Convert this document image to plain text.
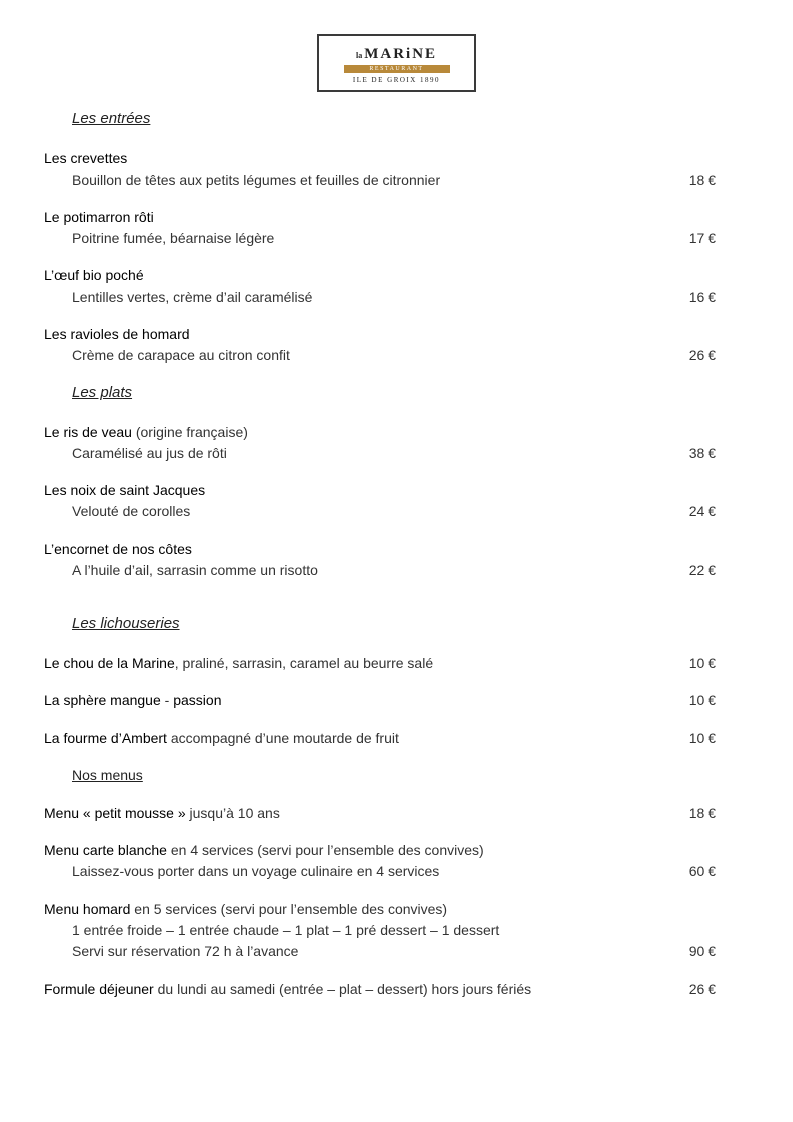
la MARiNE
RESTAURANT
ILE DE GROIX 1890
Les entrées
Les crevettes
Bouillon de têtes aux petits légumes et feuilles de citronnier	18 €
Le potimarron rôti
Poitrine fumée, béarnaise légère	17 €
L’œuf bio poché
Lentilles vertes, crème d’ail caramélisé	16 €
Les ravioles de homard
Crème de carapace au citron confit	26 €
Les plats
Le ris de veau (origine française)
Caramélisé au jus de rôti	38 €
Les noix de saint Jacques
Velouté de corolles	24 €
L’encornet de nos côtes
A l’huile d’ail, sarrasin comme un risotto	22 €
Les lichouseries
Le chou de la Marine, praliné, sarrasin, caramel au beurre salé	10 €
La sphère mangue - passion	10 €
La fourme d’Ambert accompagné d’une moutarde de fruit	10 €
Nos menus
Menu « petit mousse » jusqu’à 10 ans	18 €
Menu carte blanche en 4 services (servi pour l’ensemble des convives)
Laissez-vous porter dans un voyage culinaire en 4 services	60 €
Menu homard en 5 services (servi pour l’ensemble des convives)
1 entrée froide – 1 entrée chaude – 1 plat – 1 pré dessert – 1 dessert
Servi sur réservation 72 h à l’avance	90 €
Formule déjeuner du lundi au samedi (entrée – plat – dessert) hors jours fériés	26 €
